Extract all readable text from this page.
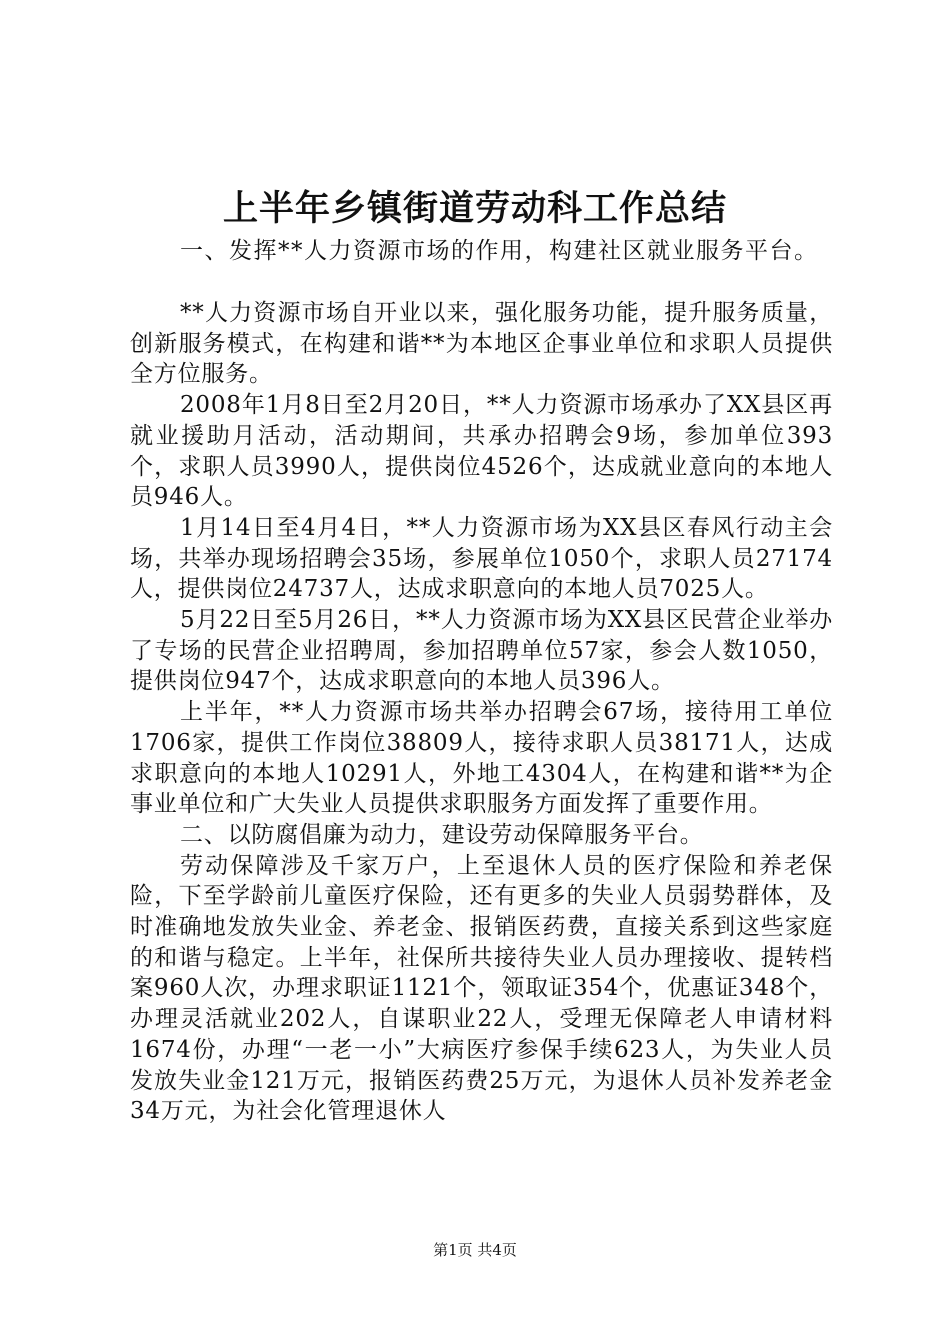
上半年乡镇街道劳动科工作总结

一、发挥**人力资源市场的作用，构建社区就业服务平台。

**人力资源市场自开业以来，强化服务功能，提升服务质量，创新服务模式，在构建和谐**为本地区企事业单位和求职人员提供全方位服务。

2008年1月8日至2月20日，**人力资源市场承办了XX县区再就业援助月活动，活动期间，共承办招聘会9场，参加单位393个，求职人员3990人，提供岗位4526个，达成就业意向的本地人员946人。

1月14日至4月4日，**人力资源市场为XX县区春风行动主会场，共举办现场招聘会35场，参展单位1050个，求职人员27174人，提供岗位24737人，达成求职意向的本地人员7025人。

5月22日至5月26日，**人力资源市场为XX县区民营企业举办了专场的民营企业招聘周，参加招聘单位57家，参会人数1050，提供岗位947个，达成求职意向的本地人员396人。

上半年，**人力资源市场共举办招聘会67场，接待用工单位1706家，提供工作岗位38809人，接待求职人员38171人，达成求职意向的本地人10291人，外地工4304人，在构建和谐**为企事业单位和广大失业人员提供求职服务方面发挥了重要作用。

二、以防腐倡廉为动力，建设劳动保障服务平台。

劳动保障涉及千家万户，上至退休人员的医疗保险和养老保险，下至学龄前儿童医疗保险，还有更多的失业人员弱势群体，及时准确地发放失业金、养老金、报销医药费，直接关系到这些家庭的和谐与稳定。上半年，社保所共接待失业人员办理接收、提转档案960人次，办理求职证1121个，领取证354个，优惠证348个，办理灵活就业202人，自谋职业22人，受理无保障老人申请材料1674份，办理“一老一小”大病医疗参保手续623人，为失业人员发放失业金121万元，报销医药费25万元，为退休人员补发养老金34万元，为社会化管理退休人

第1页 共4页
